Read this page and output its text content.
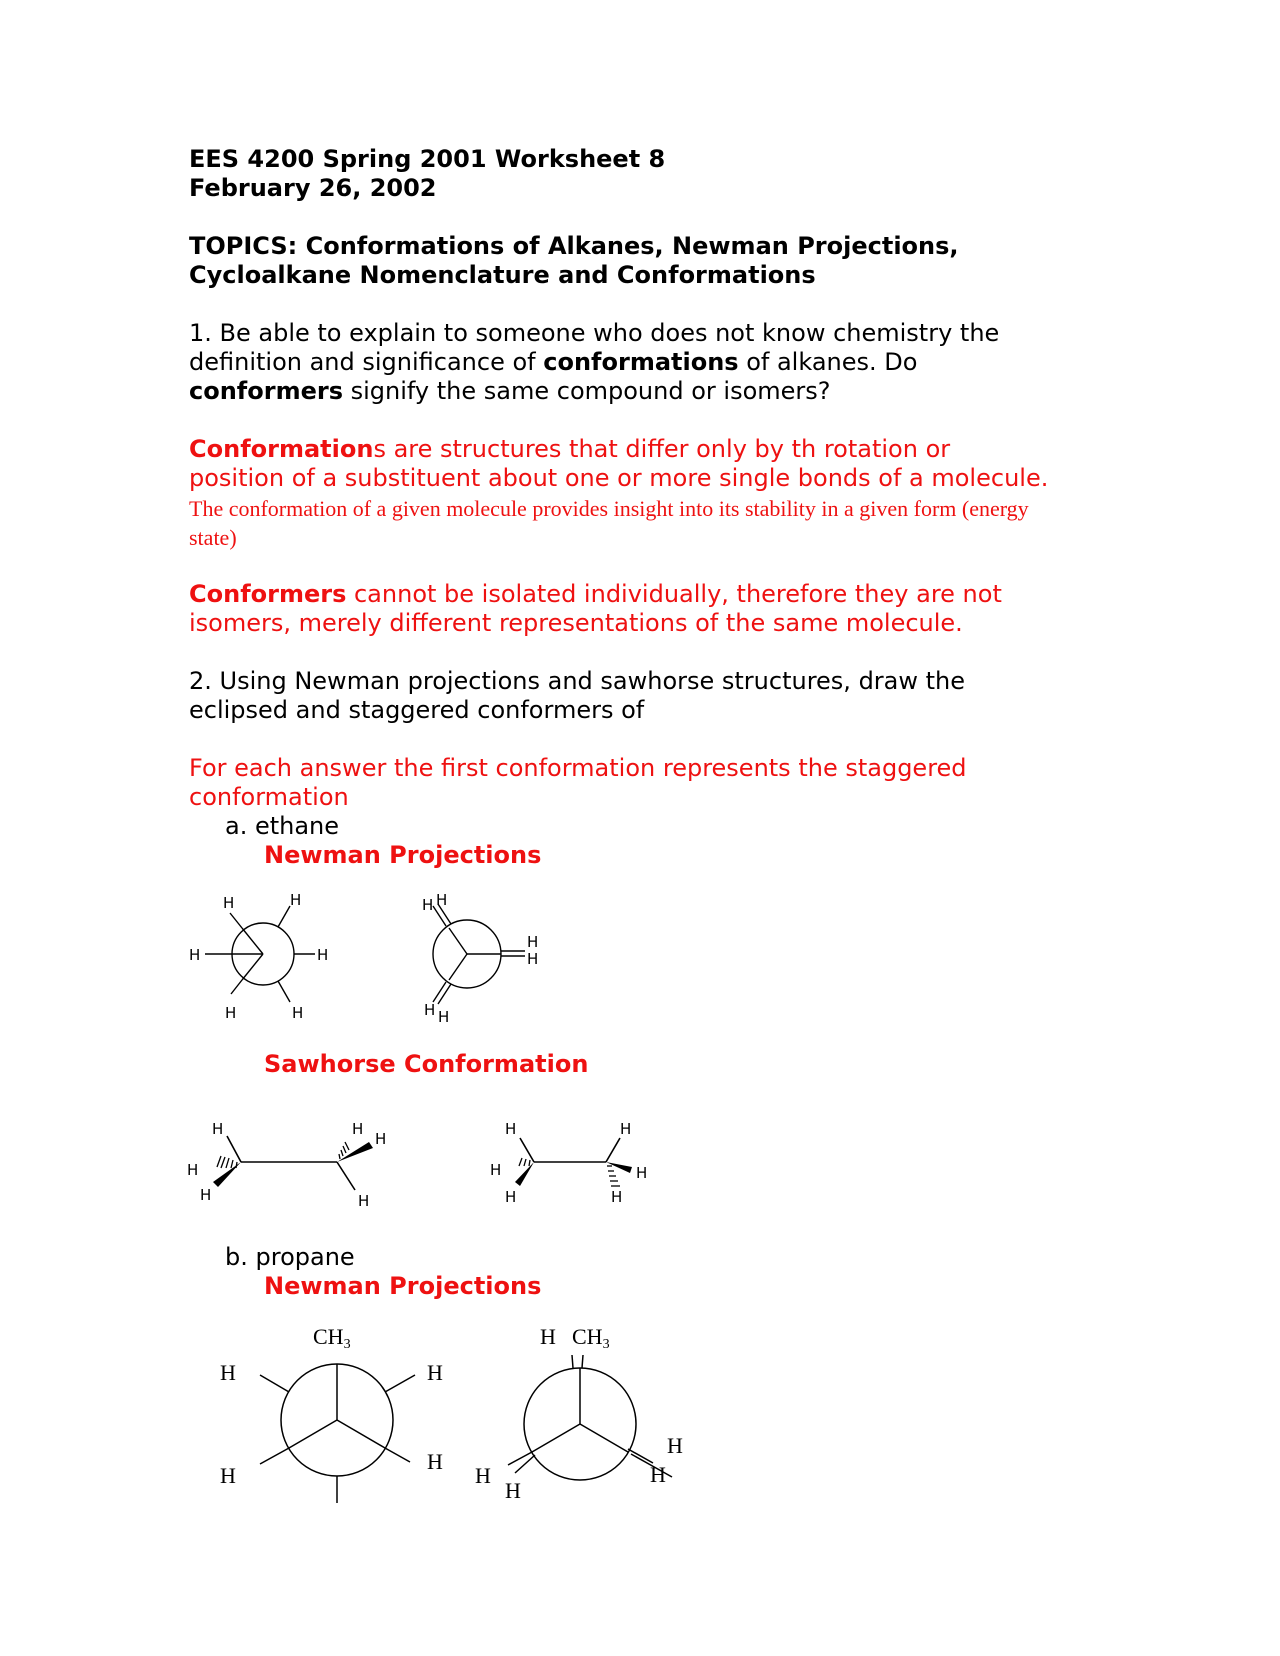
EES 4200 Spring 2001 Worksheet 8

February 26, 2002

TOPICS: Conformations of Alkanes, Newman Projections,

Cycloalkane Nomenclature and Conformations

1. Be able to explain to someone who does not know chemistry the

definition and significance of conformations of alkanes. Do

conformers signify the same compound or isomers?

Conformations are structures that differ only by th rotation or

position of a substituent about one or more single bonds of a molecule.

The conformation of a given molecule provides insight into its stability in a given form (energy state)

Conformers cannot be isolated individually, therefore they are not

isomers, merely different representations of the same molecule.

2. Using Newman projections and sawhorse structures, draw the

eclipsed and staggered conformers of

For each answer the first conformation represents the staggered

conformation

a. ethane
Newman Projections
H	H
H	H
H	H
H H
H
H
H H
Sawhorse Conformation
H
H
H
H
H
H
H	H
H	H
H	H
b. propane
Newman Projections
CH3
H	H
H
H
H CH3
H
H
H
H
